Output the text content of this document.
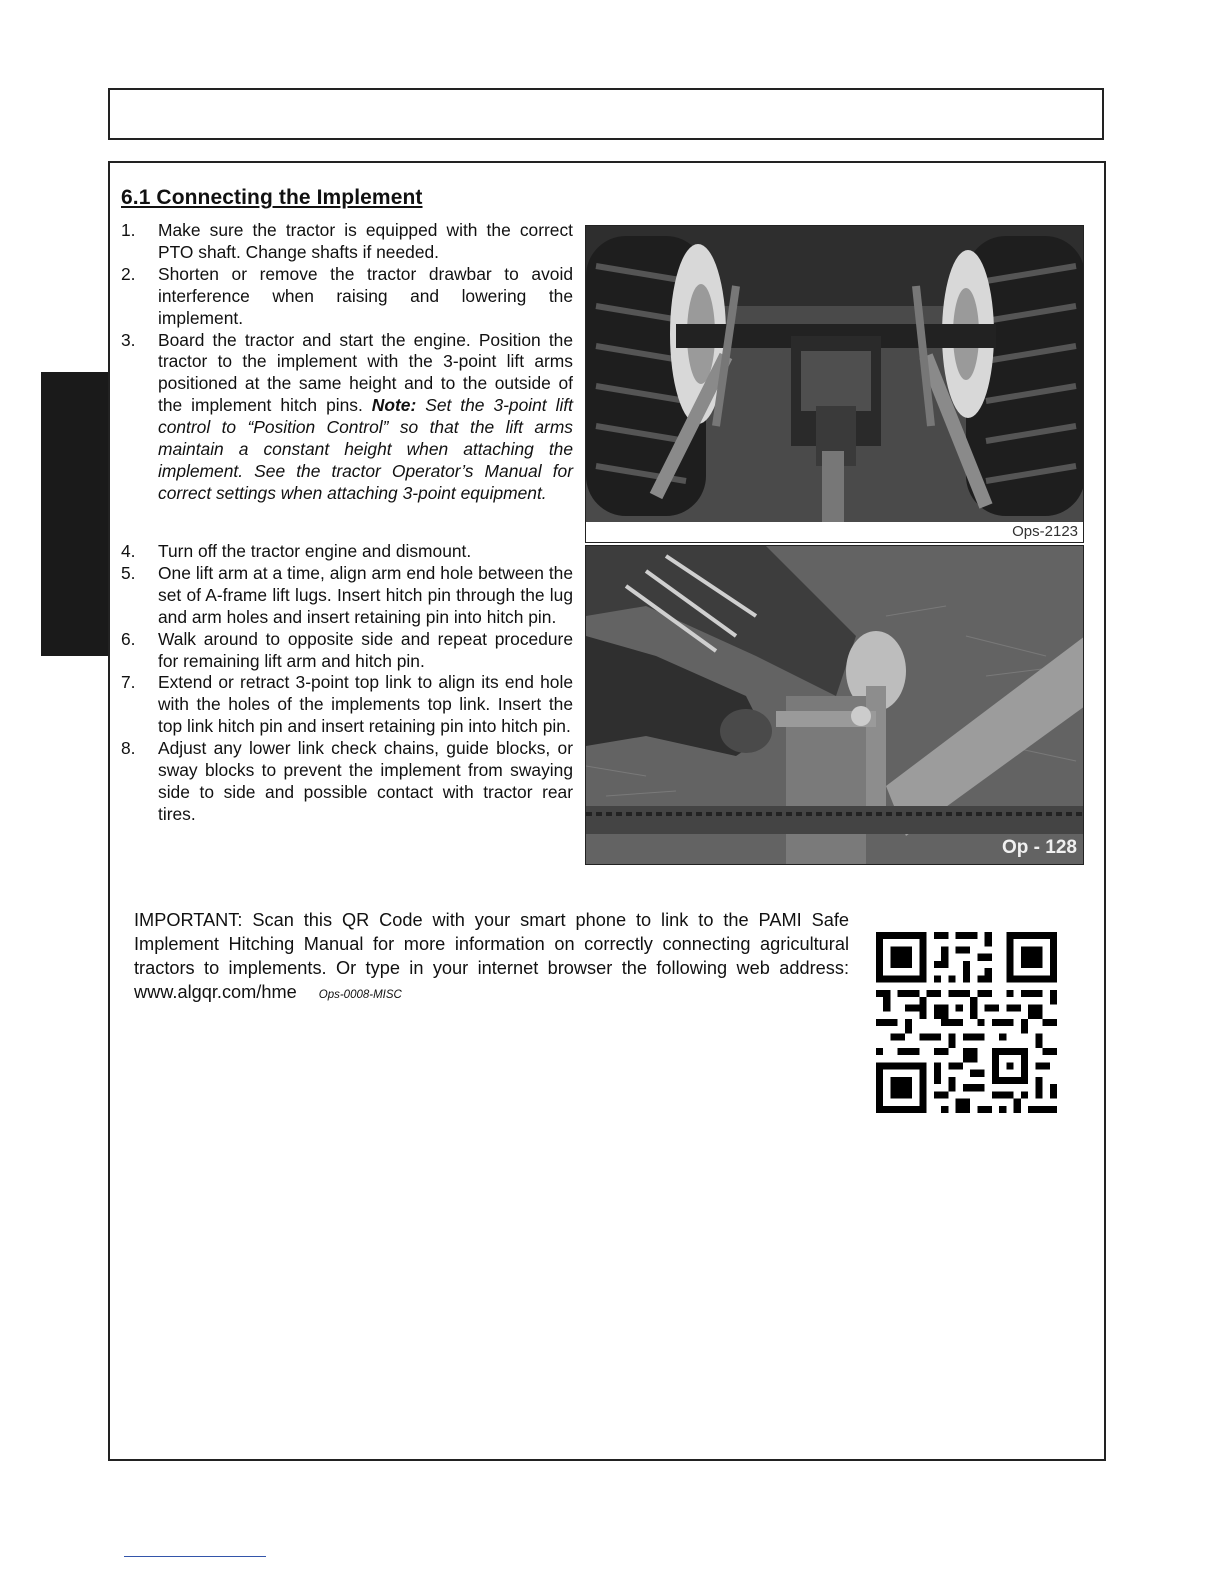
6.1 Connecting the Implement
1. Make sure the tractor is equipped with the correct PTO shaft. Change shafts if needed.
2. Shorten or remove the tractor drawbar to avoid interference when raising and lowering the implement.
3. Board the tractor and start the engine. Position the tractor to the implement with the 3-point lift arms positioned at the same height and to the outside of the implement hitch pins. Note: Set the 3-point lift control to “Position Control” so that the lift arms maintain a constant height when attaching the implement. See the tractor Operator’s Manual for correct settings when attaching 3-point equipment.
4. Turn off the tractor engine and dismount.
5. One lift arm at a time, align arm end hole between the set of A-frame lift lugs. Insert hitch pin through the lug and arm holes and insert retaining pin into hitch pin.
6. Walk around to opposite side and repeat procedure for remaining lift arm and hitch pin.
7. Extend or retract 3-point top link to align its end hole with the holes of the implements top link. Insert the top link hitch pin and insert retaining pin into hitch pin.
8. Adjust any lower link check chains, guide blocks, or sway blocks to prevent the implement from swaying side to side and possible contact with tractor rear tires.
Ops-2123
Op - 128

IMPORTANT: Scan this QR Code with your smart phone to link to the PAMI Safe Implement Hitching Manual for more information on correctly connecting agricultural tractors to implements. Or type in your internet browser the following web address: www.algqr.com/hme Ops-0008-MISC
